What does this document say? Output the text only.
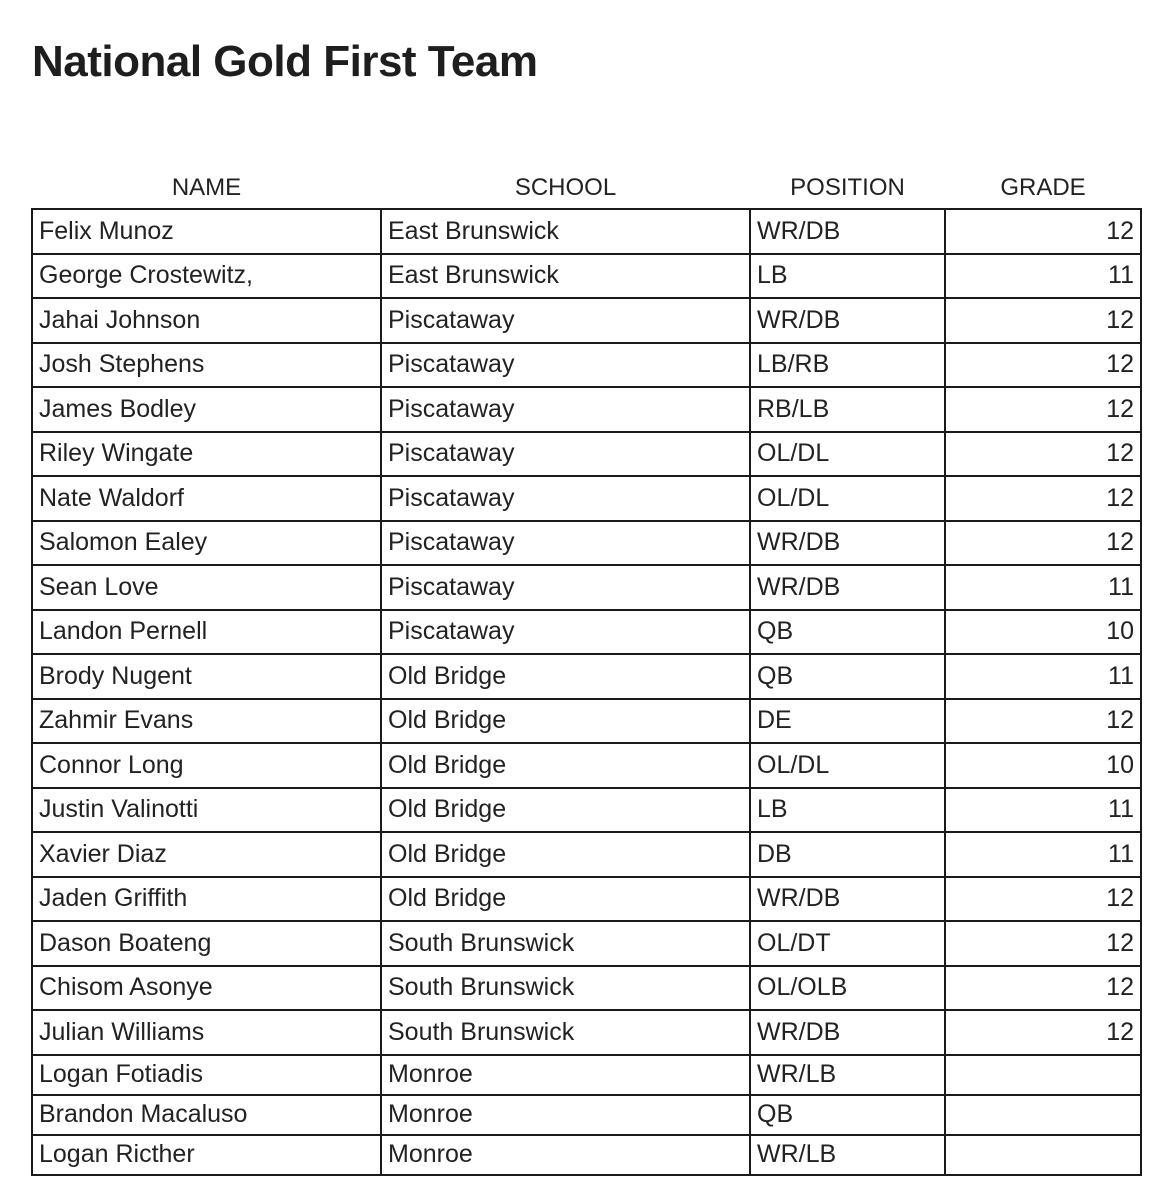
National Gold First Team
NAME	SCHOOL	POSITION	GRADE
Felix Munoz	East Brunswick	WR/DB	12
George Crostewitz,	East Brunswick	LB	11
Jahai Johnson	Piscataway	WR/DB	12
Josh Stephens	Piscataway	LB/RB	12
James Bodley	Piscataway	RB/LB	12
Riley Wingate	Piscataway	OL/DL	12
Nate Waldorf	Piscataway	OL/DL	12
Salomon Ealey	Piscataway	WR/DB	12
Sean Love	Piscataway	WR/DB	11
Landon Pernell	Piscataway	QB	10
Brody Nugent	Old Bridge	QB	11
Zahmir Evans	Old Bridge	DE	12
Connor Long	Old Bridge	OL/DL	10
Justin Valinotti	Old Bridge	LB	11
Xavier Diaz	Old Bridge	DB	11
Jaden Griffith	Old Bridge	WR/DB	12
Dason Boateng	South Brunswick	OL/DT	12
Chisom Asonye	South Brunswick	OL/OLB	12
Julian Williams	South Brunswick	WR/DB	12
Logan Fotiadis	Monroe	WR/LB	
Brandon Macaluso	Monroe	QB	
Logan Ricther	Monroe	WR/LB	
